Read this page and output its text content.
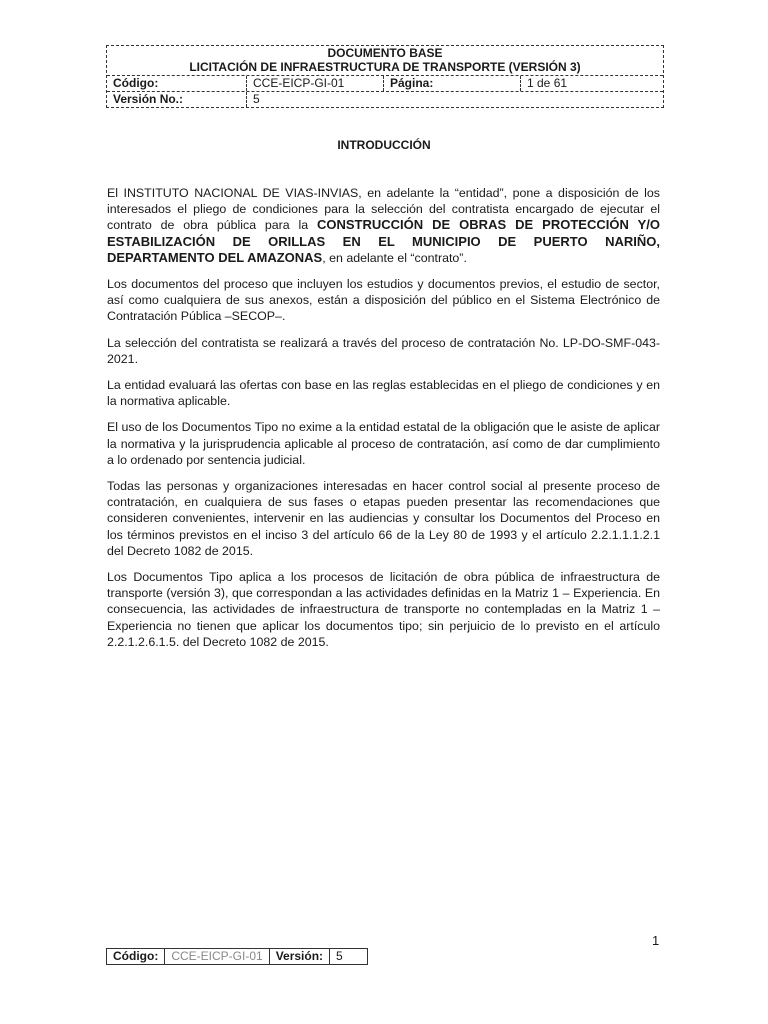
DOCUMENTO BASE
LICITACIÓN DE INFRAESTRUCTURA DE TRANSPORTE (VERSIÓN 3)
Código:	CCE-EICP-GI-01	Página:	1 de 61
Versión No.:	5
INTRODUCCIÓN

El INSTITUTO NACIONAL DE VIAS-INVIAS, en adelante la “entidad”, pone a disposición de los interesados el pliego de condiciones para la selección del contratista encargado de ejecutar el contrato de obra pública para la CONSTRUCCIÓN DE OBRAS DE PROTECCIÓN Y/O ESTABILIZACIÓN DE ORILLAS EN EL MUNICIPIO DE PUERTO NARIÑO, DEPARTAMENTO DEL AMAZONAS, en adelante el “contrato”.

Los documentos del proceso que incluyen los estudios y documentos previos, el estudio de sector, así como cualquiera de sus anexos, están a disposición del público en el Sistema Electrónico de Contratación Pública –SECOP–.

La selección del contratista se realizará a través del proceso de contratación No. LP-DO-SMF-043-2021.

La entidad evaluará las ofertas con base en las reglas establecidas en el pliego de condiciones y en la normativa aplicable.

El uso de los Documentos Tipo no exime a la entidad estatal de la obligación que le asiste de aplicar la normativa y la jurisprudencia aplicable al proceso de contratación, así como de dar cumplimiento a lo ordenado por sentencia judicial.

Todas las personas y organizaciones interesadas en hacer control social al presente proceso de contratación, en cualquiera de sus fases o etapas pueden presentar las recomendaciones que consideren convenientes, intervenir en las audiencias y consultar los Documentos del Proceso en los términos previstos en el inciso 3 del artículo 66 de la Ley 80 de 1993 y el artículo 2.2.1.1.1.2.1 del Decreto 1082 de 2015.

Los Documentos Tipo aplica a los procesos de licitación de obra pública de infraestructura de transporte (versión 3), que correspondan a las actividades definidas en la Matriz 1 – Experiencia. En consecuencia, las actividades de infraestructura de transporte no contempladas en la Matriz 1 – Experiencia no tienen que aplicar los documentos tipo; sin perjuicio de lo previsto en el artículo 2.2.1.2.6.1.5. del Decreto 1082 de 2015.

1
Código:	CCE-EICP-GI-01	Versión:	5
